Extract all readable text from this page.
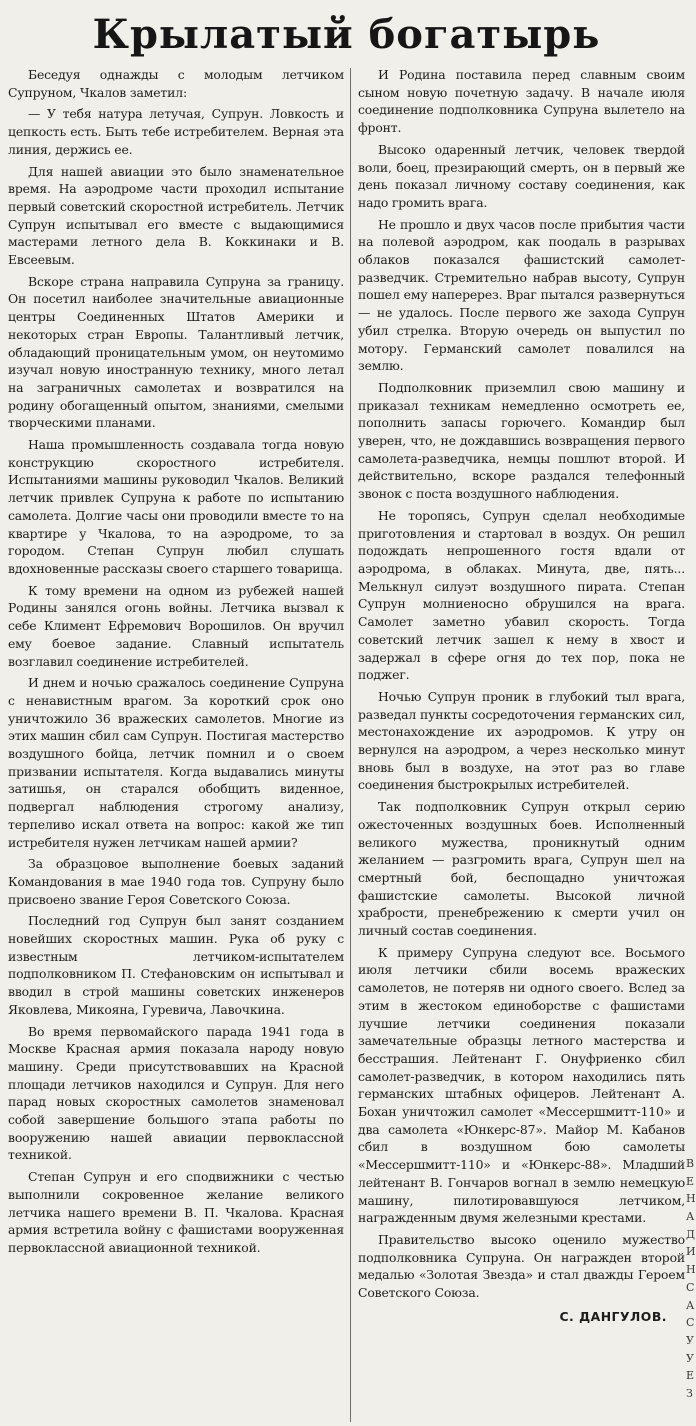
Крылатый богатырь

Беседуя однажды с молодым летчиком Супруном, Чкалов заметил:

— У тебя натура летучая, Супрун. Ловкость и цепкость есть. Быть тебе истребителем. Верная эта линия, держись ее.

Для нашей авиации это было знаменательное время. На аэродроме части проходил испытание первый советский скоростной истребитель. Летчик Супрун испытывал его вместе с выдающимися мастерами летного дела В. Коккинаки и В. Евсеевым.

Вскоре страна направила Супруна за границу. Он посетил наиболее значительные авиационные центры Соединенных Штатов Америки и некоторых стран Европы. Талантливый летчик, обладающий проницательным умом, он неутомимо изучал новую иностранную технику, много летал на заграничных самолетах и возвратился на родину обогащенный опытом, знаниями, смелыми творческими планами.

Наша промышленность создавала тогда новую конструкцию скоростного истребителя. Испытаниями машины руководил Чкалов. Великий летчик привлек Супруна к работе по испытанию самолета. Долгие часы они проводили вместе то на квартире у Чкалова, то на аэродроме, то за городом. Степан Супрун любил слушать вдохновенные рассказы своего старшего товарища.

К тому времени на одном из рубежей нашей Родины занялся огонь войны. Летчика вызвал к себе Климент Ефремович Ворошилов. Он вручил ему боевое задание. Славный испытатель возглавил соединение истребителей.

И днем и ночью сражалось соединение Супруна с ненавистным врагом. За короткий срок оно уничтожило 36 вражеских самолетов. Многие из этих машин сбил сам Супрун. Постигая мастерство воздушного бойца, летчик помнил и о своем призвании испытателя. Когда выдавались минуты затишья, он старался обобщить виденное, подвергал наблюдения строгому анализу, терпеливо искал ответа на вопрос: какой же тип истребителя нужен летчикам нашей армии?

За образцовое выполнение боевых заданий Командования в мае 1940 года тов. Супруну было присвоено звание Героя Советского Союза.

Последний год Супрун был занят созданием новейших скоростных машин. Рука об руку с известным летчиком-испытателем подполковником П. Стефановским он испытывал и вводил в строй машины советских инженеров Яковлева, Микояна, Гуревича, Лавочкина.

Во время первомайского парада 1941 года в Москве Красная армия показала народу новую машину. Среди присутствовавших на Красной площади летчиков находился и Супрун. Для него парад новых скоростных самолетов знаменовал собой завершение большого этапа работы по вооружению нашей авиации первоклассной техникой.

Степан Супрун и его сподвижники с честью выполнили сокровенное желание великого летчика нашего времени В. П. Чкалова. Красная армия встретила войну с фашистами вооруженная первоклассной авиационной техникой.

И Родина поставила перед славным своим сыном новую почетную задачу. В начале июля соединение подполковника Супруна вылетело на фронт.

Высоко одаренный летчик, человек твердой воли, боец, презирающий смерть, он в первый же день показал личному составу соединения, как надо громить врага.

Не прошло и двух часов после прибытия части на полевой аэродром, как поодаль в разрывах облаков показался фашистский самолет-разведчик. Стремительно набрав высоту, Супрун пошел ему наперерез. Враг пытался развернуться — не удалось. После первого же захода Супрун убил стрелка. Вторую очередь он выпустил по мотору. Германский самолет повалился на землю.

Подполковник приземлил свою машину и приказал техникам немедленно осмотреть ее, пополнить запасы горючего. Командир был уверен, что, не дождавшись возвращения первого самолета-разведчика, немцы пошлют второй. И действительно, вскоре раздался телефонный звонок с поста воздушного наблюдения.

Не торопясь, Супрун сделал необходимые приготовления и стартовал в воздух. Он решил подождать непрошенного гостя вдали от аэродрома, в облаках. Минута, две, пять... Мелькнул силуэт воздушного пирата. Степан Супрун молниеносно обрушился на врага. Самолет заметно убавил скорость. Тогда советский летчик зашел к нему в хвост и задержал в сфере огня до тех пор, пока не поджег.

Ночью Супрун проник в глубокий тыл врага, разведал пункты сосредоточения германских сил, местонахождение их аэродромов. К утру он вернулся на аэродром, а через несколько минут вновь был в воздухе, на этот раз во главе соединения быстрокрылых истребителей.

Так подполковник Супрун открыл серию ожесточенных воздушных боев. Исполненный великого мужества, проникнутый одним желанием — разгромить врага, Супрун шел на смертный бой, беспощадно уничтожая фашистские самолеты. Высокой личной храбрости, пренебрежению к смерти учил он личный состав соединения.

К примеру Супруна следуют все. Восьмого июля летчики сбили восемь вражеских самолетов, не потеряв ни одного своего. Вслед за этим в жестоком единоборстве с фашистами лучшие летчики соединения показали замечательные образцы летного мастерства и бесстрашия. Лейтенант Г. Онуфриенко сбил самолет-разведчик, в котором находились пять германских штабных офицеров. Лейтенант А. Бохан уничтожил самолет «Мессершмитт-110» и два самолета «Юнкерс-87». Майор М. Кабанов сбил в воздушном бою самолеты «Мессершмитт-110» и «Юнкерс-88». Младший лейтенант В. Гончаров вогнал в землю немецкую машину, пилотировавшуюся летчиком, награжденным двумя железными крестами.

Правительство высоко оценило мужество подполковника Супруна. Он награжден второй медалью «Золотая Звезда» и стал дважды Героем Советского Союза.

С. ДАНГУЛОВ.
В
Е
Н
А
Д
И
Н
С
А
С
У
У
Е
З
